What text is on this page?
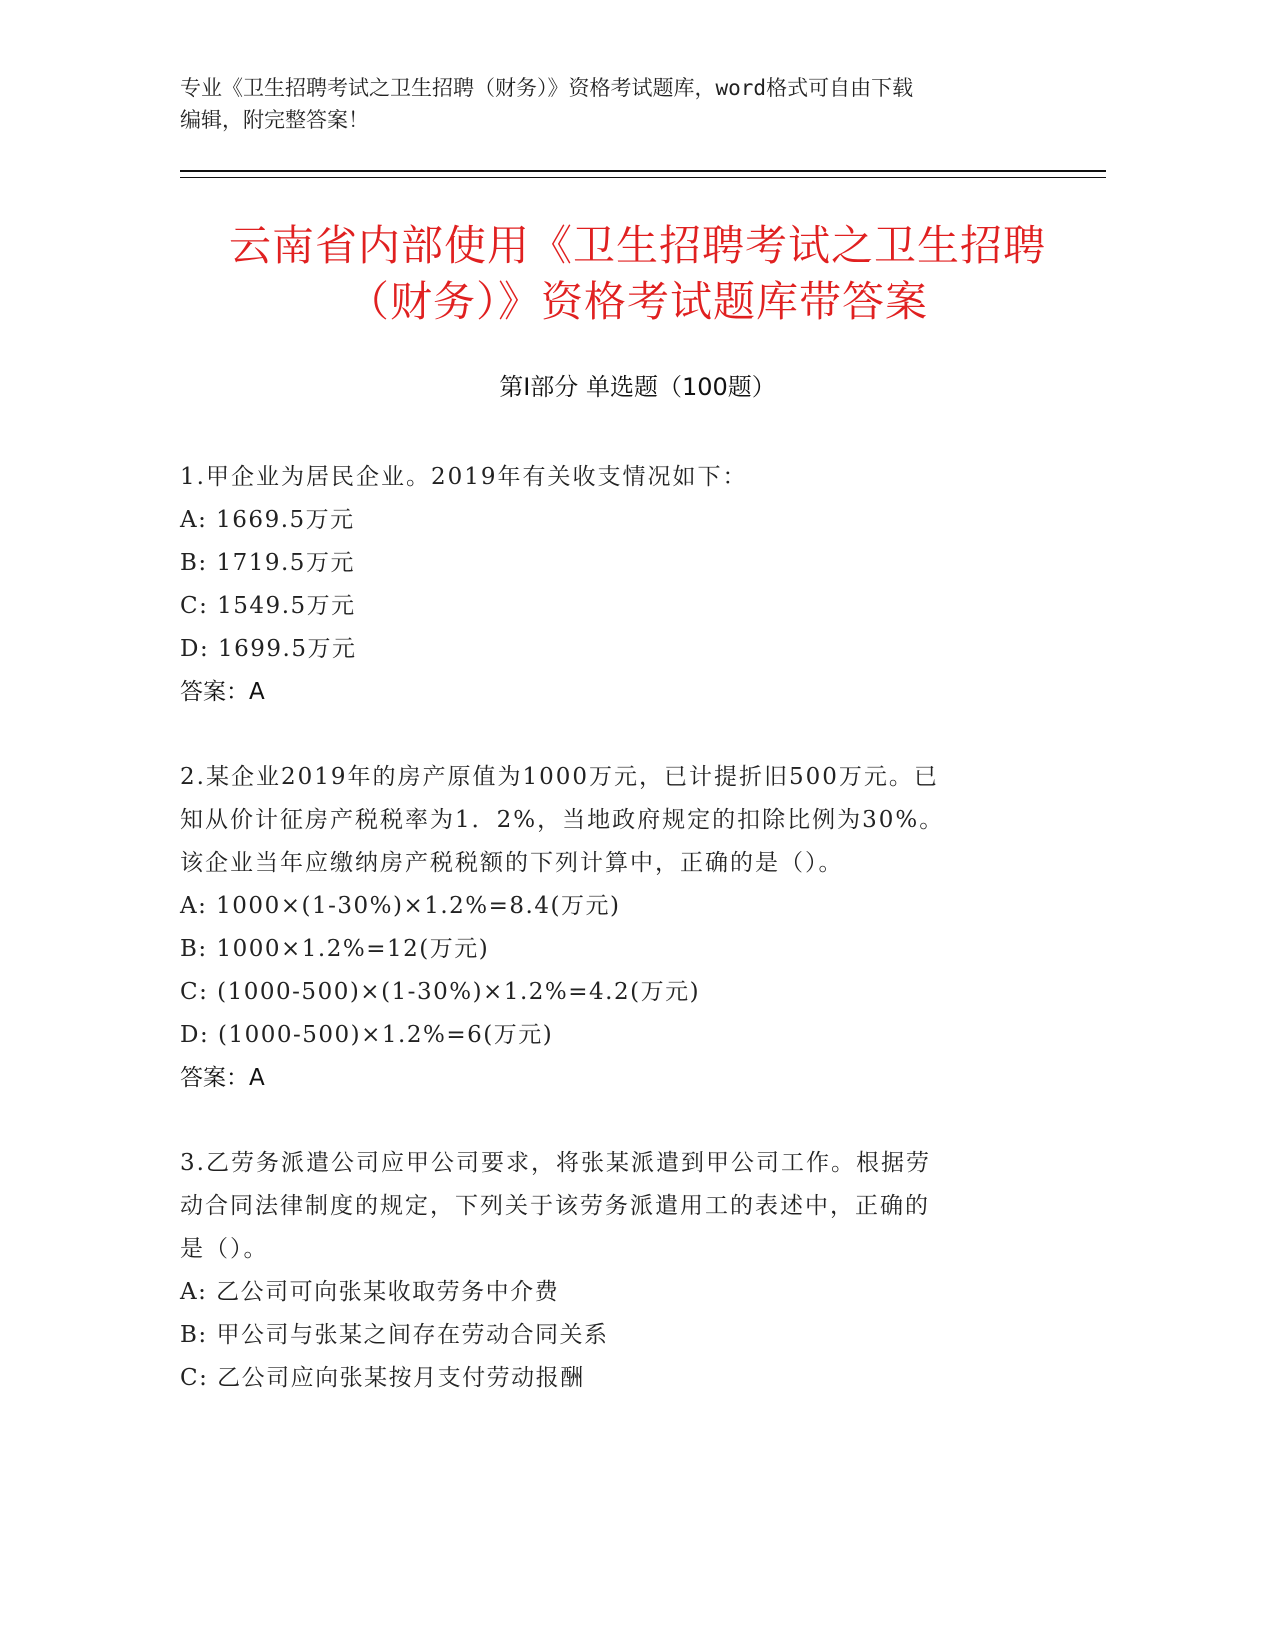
专业《卫生招聘考试之卫生招聘（财务）》资格考试题库，word格式可自由下载
编辑，附完整答案！
云南省内部使用《卫生招聘考试之卫生招聘
（财务）》资格考试题库带答案
第Ⅰ部分 单选题（100题）
1.甲企业为居民企业。2019年有关收支情况如下：
A: 1669.5万元
B: 1719.5万元
C: 1549.5万元
D: 1699.5万元
答案：A
2.某企业2019年的房产原值为1000万元，已计提折旧500万元。已
知从价计征房产税税率为1．2%，当地政府规定的扣除比例为30%。
该企业当年应缴纳房产税税额的下列计算中，正确的是（）。
A: 1000×(1-30%)×1.2%=8.4(万元)
B: 1000×1.2%=12(万元)
C: (1000-500)×(1-30%)×1.2%=4.2(万元)
D: (1000-500)×1.2%=6(万元)
答案：A
3.乙劳务派遣公司应甲公司要求，将张某派遣到甲公司工作。根据劳
动合同法律制度的规定，下列关于该劳务派遣用工的表述中，正确的
是（）。
A: 乙公司可向张某收取劳务中介费
B: 甲公司与张某之间存在劳动合同关系
C: 乙公司应向张某按月支付劳动报酬
